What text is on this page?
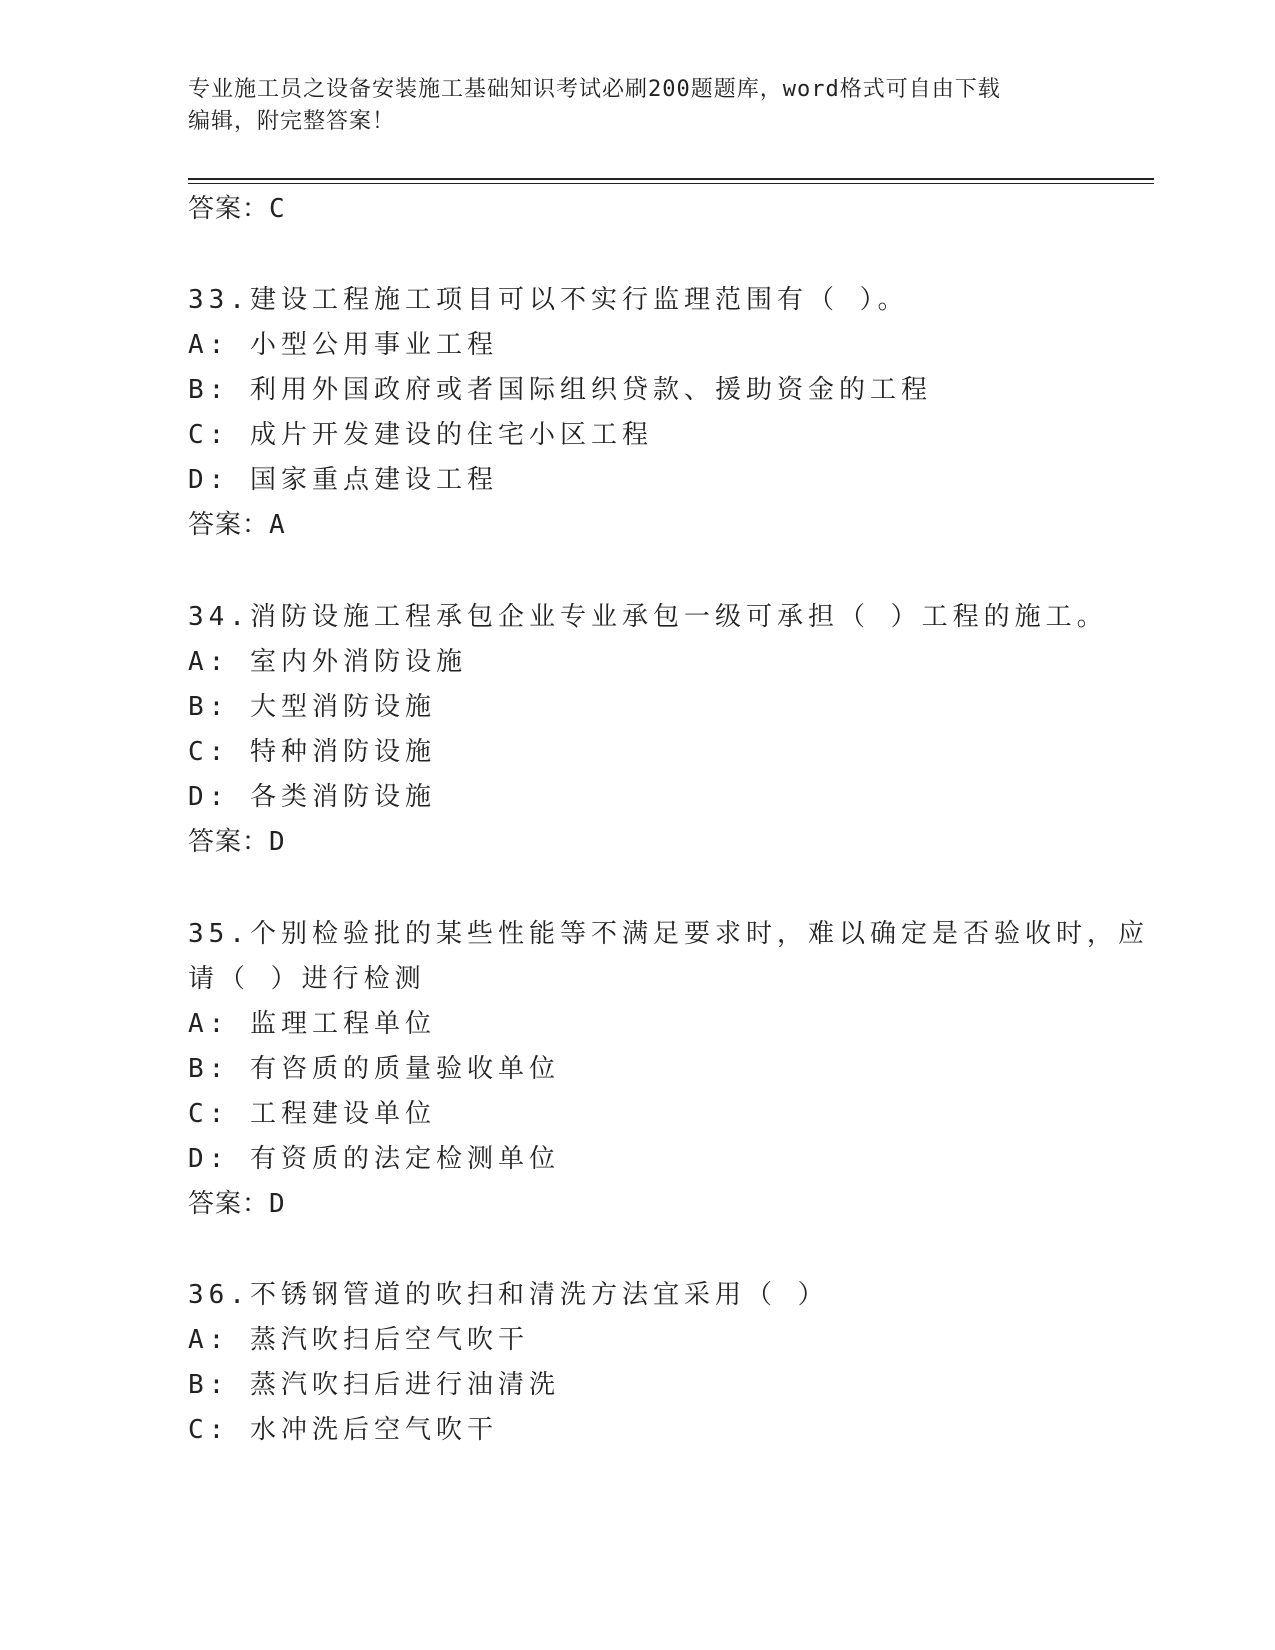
专业施工员之设备安装施工基础知识考试必刷200题题库，word格式可自由下载
编辑，附完整答案！
答案：C
33.建设工程施工项目可以不实行监理范围有（ ）。
A: 小型公用事业工程
B: 利用外国政府或者国际组织贷款、援助资金的工程
C: 成片开发建设的住宅小区工程
D: 国家重点建设工程
答案：A
34.消防设施工程承包企业专业承包一级可承担（ ）工程的施工。
A: 室内外消防设施
B: 大型消防设施
C: 特种消防设施
D: 各类消防设施
答案：D
35.个别检验批的某些性能等不满足要求时，难以确定是否验收时，应
请（ ）进行检测
A: 监理工程单位
B: 有咨质的质量验收单位
C: 工程建设单位
D: 有资质的法定检测单位
答案：D
36.不锈钢管道的吹扫和清洗方法宜采用（ ）
A: 蒸汽吹扫后空气吹干
B: 蒸汽吹扫后进行油清洗
C: 水冲洗后空气吹干
